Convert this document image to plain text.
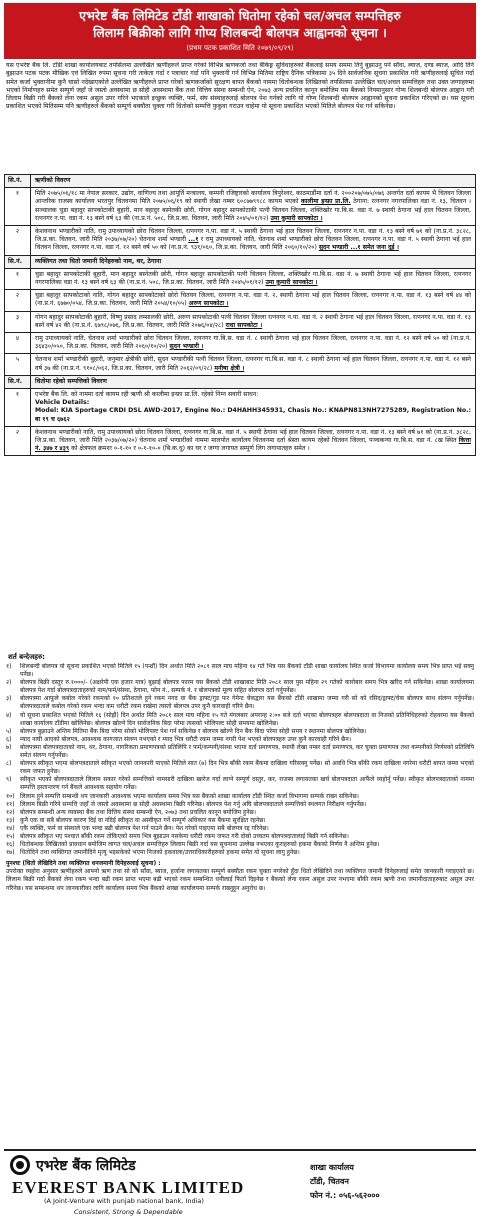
एभरेष्ट बैंक लिमिटेड टाँडी शाखाको धितोमा रहेको चल/अचल सम्पत्तिहरु
लिलाम बिक्रीको लागि गोप्य शिलबन्दी बोलपत्र आह्वानको सूचना ।
(प्रथम पटक प्रकाशित मिति २०७९/०९/२९)
यस एभरेष्ट बैंक लि. टाँडी शाखा कार्यालयबाट तपसिलमा उल्लेखित ऋणीहरुले प्राप्त गरेको विभिन्न ऋणकर्जा तथा बैंकिङ्ग सुविधाहरुको बैंकलाई समय सममा तिर्नु बुझाउनु पर्ने साँवा, ब्याज, दण्ड ब्याज, आदि तिर्न बुझाउन पटक पटक मौखिक एवं लिखित रुपमा सूचना गरी ताकेता गर्दा र पत्राचार गर्दा पनि भुक्तानी गर्न विभिन्न मितिमा राष्ट्रिय दैनिक पत्रिकामा ३५ दिने सार्वजनिक सूचना प्रकाशित गरी ऋणीहरुलाई सूचित गर्दा समेत कर्जा भुक्तानीमा कुनै चासो नदेखाएकोले उल्लेखित ऋणीहरुले प्राप्त गरेको ऋणकर्जाको सुरक्षण बापत बैंकको नाममा धितोबन्धक लिखितको तपसिलमा उल्लेखित चल/अचल सम्पत्तिहरु तथा उक्त जग्गाहरुमा भएको निर्माणहरु समेत सम्पूर्ण जहाँ जे जस्तो अवस्थामा छ सोही अवस्थामा बैंक तथा वित्तिय संस्था सम्बन्धी ऐन, २०७३ अन्य प्रचलित कानून बमोजिम यस बैंकको नियमानुसार गोप्य शिलबन्दी बोलपत्र आह्वान गरी लिलाम बिक्री गरी बैंकको लेना रकम असुल उपर गरिने भएकाले इच्छुक व्यक्ति, फर्म, संघ संस्थाहरुलाई बोलपत्र पेश गर्नको लागि यो गोप्य शिलबन्दी बोलपत्र आह्वानको सूचना प्रकाशित गरिएको छ। यस सूचना प्रकाशित भएको मितिसम्म पनि ऋणीहरुले बैंकको सम्पूर्ण बक्यौता चुक्ता गरी धितोको सम्पत्ति फुकुवा गराउन चाहेमा यो सूचना प्रकाशित भएको मितिले बोलपत्र पेश गर्न सकिनेछ।
सि.नं.	ऋणीको विवरण
१	मिति २०७५/०६/१८ मा नेपाल सरकार, उद्योग, वाणिज्य तथा आपूर्ति मन्त्रालय, कम्पनी रजिष्ट्रारको कार्यालय त्रिपुरेश्वर, काठमाडौंमा दर्ता नं. २००२०७/०७५/०७६ अन्तर्गत दर्ता कायम भै चितवन जिल्ला आन्तरिक राजस्व कार्यालय भरतपुर चितवनमा मिति २०७५/०६/१९ को स्थायी लेखा नम्बर ६०८७७९९८८ कायम भएको कालीमा इन्फ्रा प्रा.लि. ठेगाना: रत्ननगर नगरपालिका वडा नं. १३, चितवन । सञ्चालक चुडा बहादुर सापकोटाकी बुहारी, मान बहादुर बस्नेतकी छोरी, गोगन बहादुर सापकोटाकी पत्नी चितवन जिल्ला, शक्तिखोर गा.बि.स. वडा नं. ७ स्थायी ठेगाना भई हाल चितवन जिल्ला, रत्ननगर न.पा. वडा नं. १३ बस्ने वर्ष ६३ की (ना.प्र.नं. ५०८, जि.प्र.का. चितवन, जारी मिति २०४५/०१/१२) उमा कुमारी सापकोटा ।
२	केशवनाथ भण्डारीको नाति, रामु उपाध्यायको छोरा चितवन जिल्ला, रत्ननगर न.पा. वडा नं. ५ स्थायी ठेगाना भई हाल चितवन जिल्ला, रत्ननगर न.पा. वडा नं. १३ बस्ने वर्ष ७१ को (ना.प्र.नं. ३८२८, जि.प्र.का. चितवन, जारी मिति २०३७/०७/२०) चेतनाथ शर्मा भण्डारी ...१ र रामु उपाध्यायको नाति, चेतनाथ शर्मा भण्डारीको छोरा चितवन जिल्ला, रत्ननगर न.पा. वडा नं. ५ स्थायी ठेगाना भई हाल चितवन जिल्ला, रत्ननगर न.पा. वडा नं. १२ बस्ने वर्ष ५० को (ना.प्र.नं. ९३१/०६०, जि.प्र.का. चितवन, जारी मिति २०६०/१०/२०) सुदन भण्डारी ...१ समेत जना दुई ।
सि.नं.	व्यक्तिगत तथा धितो जमानी दिनेहरुको नाम, थर, ठेगाना
१	चुडा बहादुर सापकोटाकी बुहारी, मान बहादुर बस्नेतकी छोरी, गोगन बहादुर सापकोटाकी पत्नी चितवन जिल्ला, शक्तिखोर गा.बि.स. वडा नं. ७ स्थायी ठेगाना भई हाल चितवन जिल्ला, रत्ननगर नगरपालिका वडा नं. १३ बस्ने वर्ष ६३ की (ना.प्र.नं. ५०८, जि.प्र.का. चितवन, जारी मिति २०४५/०१/१२) उमा कुमारी सापकोटा ।
२	चुडा बहादुर सापकोटाको नाति, गोगन बहादुर सापकोटाको छोरो चितवन जिल्ला, रत्ननगर न.पा. वडा नं. २, स्थायी ठेगाना भई हाल चितवन जिल्ला, रत्ननगर न.पा. वडा नं. १३ बस्ने वर्ष ४४ को (ना.प्र.नं. ६७७०/०५४, जि.प्र.का. चितवन, जारी मिति २०५४/१०/०५) अरुण सापकोटा ।
३	गोगन बहादुर सापकोटाकी बुहारी, विष्णु प्रसाद लम्सालकी छोरी, अरुण सापकोटाकी पत्नी चितवन जिल्ला रत्ननगर न.पा. वडा नं. २ स्थायी ठेगाना भई हाल चितवन जिल्ला, रत्ननगर न.पा. वडा नं. १३ बस्ने वर्ष ४२ की (ना.प्र.नं. ६७९८/०७६, जि.प्र.का. चितवन, जारी मिति २०७६/०४/२८) राधा सापकोटा ।
४	रामु उपाध्यायको नाति, चेतनाथ शर्मा भण्डारीको छोरा चितवन जिल्ला, रत्ननगर गा.बि.स. वडा नं. ८ स्थायी ठेगाना भई हाल चितवन जिल्ला, रत्ननगर न.पा. वडा नं. १२ बस्ने वर्ष ५० को (ना.प्र.नं. ३६४३०/०५०, जि.प्र.का. चितवन, जारी मिति २०६०/१०/२०) सुदन भण्डारी ।
५	चेतनाथ शर्मा भण्डारीकी बुहारी, जनुमार क्षेत्रीकी छोरी, सुदन भण्डारीकी पत्नी चितवन जिल्ला, रत्ननगर गा.बि.स. वडा नं. ८ स्थायी ठेगाना भई हाल चितवन जिल्ला, रत्ननगर न.पा. वडा नं. १२ बस्ने वर्ष ३७ की (ना.प्र.नं. ९१०८/०६२, जि.प्र.का. चितवन, जारी मिति २०६२/०९/२८) मनीषा क्षेत्री ।
सि.नं.	धितोमा रहेको सम्पत्तिको विवरण
१	एभरेष्ट बैंक लि. को नाममा दर्ता कायम रही ऋणी श्री कालीमा इन्फ्रा प्रा.लि. रहेको निम्न सवारी साधन:
Vehicle Details:
Model: KIA Sportage CRDI DSL AWD-2017, Engine No.: D4HAHH345931, Chasis No.: KNAPN813NH7275289, Registration No.: बा १९ च ६७६२
२	केशवनाथ भण्डारीको नाति, रामु उपाध्यायको छोरा चितवन जिल्ला, रत्ननगर गा.बि.स. वडा नं. ५ स्थायी ठेगाना भई हाल चितवन जिल्ला, रत्ननगर न.पा. वडा नं. १३ बस्ने वर्ष ७१ को (ना.प्र.नं. ३८२८, जि.प्र.का. चितवन, जारी मिति २०३७/०७/२०) चेतनाथ शर्मा भण्डारीको नाममा मालपोत कार्यालय चितवनमा दर्ता श्रेस्ता कायम रहेको चितवन जिल्ला, पञ्चकन्या गा.बि.स. वडा नं. ८ख स्थित कित्ता नं. ३४७ र ४३९ को क्षेत्रफल क्रमशः ०-१-१० र ०-१-१०-० (बि.क.धु) का घर र जग्गा लगायत सम्पूर्ण लिग लगापातहरु समेत ।
शर्त बन्देजहरु:
१)	शिलबन्दी बोलपत्र यो सूचना प्रकाशित भएको मितिले १५ (पन्ध्रौं) दिन अर्थात मिति २०८१ साल माघ महिना १४ गते भित्र यस बैंकको टाँडी शाखा कार्यालय स्थित कर्जा विभागमा कार्यालय समय भित्र प्राप्त भई सक्नु पर्नेछ।
२)	बोलपत्र बिक्री दस्तुर रु.१०००/- (अक्षरेपी एक हजार मात्र) बुझाई बोलपत्र फारम यस बैंकको टाँडी शाखाबाट मिति २०८१ साल पुस महिना २९ गतेको कारोबार समय भित्र खरिद गर्न सकिनेछ। शाखा कार्यालयमा बोलपत्र पेश गर्दा बोलपत्रदाताहरुको नाम/फर्म/संस्था, ठेगाना, फोन नं., सम्पर्क नं. र बोलपत्रको मूल्य सहित बोलपत्र दर्ता गर्नुपर्नेछ।
३)	बोलपत्रमा आफूले कबोल गरेको रकमको १० प्रतिशतले हुने रकम नगद वा बैंक ड्राफ्ट/गुड फर गेमेन्ट चेकद्वारा यस बैंकको टाँडी शाखामा जम्मा गरी सो को रसिद/ड्राफ्ट/चेक बोलपत्र साथ संलग्न गर्नुपर्नेछ। बोलपत्रदाताले कबोल गरेको रकम भन्दा कम धरौटी रकम राखेमा त्यस्तो बोलपत्र उपर कुनै कारवाही गरिने छैन।
४)	यो सूचना प्रकाशित भएको मितिले १६ (सोह्रौं) दिन अर्थात मिति २०८१ साल माघ महिना १५ गते मंगलबार अपरान्ह २:०० बजे दर्ता भएका बोलपत्रहरु बोलपत्रदाता वा निजको प्रतिनिधिहरुको रोहवरमा यस बैंकको शाखा कार्यालय टाँडीमा खोलिनेछ। बोलपत्र खोल्ने दिन सार्वजनिक बिदा परेमा त्यसको भोलिपल्ट सोही समयमा खोलिनेछ।
५)	बोलपत्र बुझाउने अन्तिम मितिमा बैंक बिदा परेमा सोको भोलिपल्ट पेश गर्न सकिनेछ र बोलपत्र खोल्ने दिन बैंक बिदा परेमा सोही समय र स्थानमा बोलपत्र खोलिनेछ।
६)	म्याद नाघी आएको बोलपत्र, आवश्यक कागजात संलग्न नभएको र म्याद भित्र धरौटी रकम जम्मा नगरी पेश भएको बोलपत्रहरु उपर कुनै कारवाही गरिने छैन।
७)	बोलपत्रमा बोलपत्रदाताको नाम, थर, ठेगाना, नागरिकता प्रमाणपत्रको प्रतिलिपि र फर्म/कम्पनी/संस्था भएमा दर्ता प्रमाणपत्र, स्थायी लेखा नम्बर दर्ता प्रमाणपत्र, कर चुक्ता प्रमाणपत्र तथा कम्पनीको निर्णयको प्रतिलिपि समेत संलग्न गर्नुपर्नेछ।
८)	बोलपत्र स्वीकृत भएमा बोलपत्रदाताले स्वीकृत भएको जानकारी पाएको मितिले सात (७) दिन भित्र बाँकी रकम बैंकमा दाखिला गरिसक्नु पर्नेछ। सो अवधि भित्र बाँकी रकम दाखिला नगरेमा धरौटी बापत जम्मा भएको रकम जफत हुनेछ।
९)	स्वीकृत भएको बोलपत्रदाताले लिलाम सकार गरेको सम्पत्तिको नामसारी दाखिला खारेज गर्दा लाग्ने सम्पूर्ण दस्तुर, कर, राजस्व लगायतका खर्च बोलपत्रदाता आफैंले व्यहोर्नु पर्नेछ। स्वीकृत बोलपत्रदाताको नाममा सम्पत्ति हस्तान्तरण गर्न बैंकले आवश्यक सहयोग गर्नेछ।
१०) लिलाम हुने सम्पत्ति सम्बन्धी थप जानकारी आवश्यक भएमा कार्यालय समय भित्र यस बैंकको शाखा कार्यालय टाँडी स्थित कर्जा विभागमा सम्पर्क राख्न सकिनेछ।
११) लिलाम बिक्री गरिने सम्पत्ति जहाँ जे जस्तो अवस्थामा छ सोही अवस्थामा बिक्री गरिनेछ। बोलपत्र पेश गर्नु अघि बोलपत्रदाताले सम्पत्तिको स्थलगत निरीक्षण गर्नुपर्नेछ।
१२) बोलपत्र सम्बन्धी अन्य व्यवस्था बैंक तथा वित्तिय संस्था सम्बन्धी ऐन, २०७३ तथा प्रचलित कानून बमोजिम हुनेछ।
१३) कुनै एक वा सबै बोलपत्र कारण दिई वा नदिई स्वीकृत वा अस्वीकृत गर्ने सम्पूर्ण अधिकार यस बैंकमा सुरक्षित रहनेछ।
१४) एकै व्यक्ति, फर्म वा संस्थाले एक भन्दा बढी बोलपत्र पेश गर्न पाउने छैन। पेश गरेको पाइएमा सबै बोलपत्र रद्द गरिनेछ।
१५) बोलपत्र स्वीकृत भए पश्चात बाँकी रकम तोकिएको समय भित्र बुझाउन नसकेमा धरौटी रकम जफत गरी दोस्रो उच्चतम बोलपत्रदातालाई बिक्री गर्न सकिनेछ।
१६) धितोबन्धक लिखितको प्रावधान बमोजिम लागत चल/अचल सम्पत्तिहरु लिलाम बिक्री गर्दा यस सूचनामा उल्लेख नभएका कुराहरुको हकमा बैंकको निर्णय नै अन्तिम हुनेछ।
१७) धितोदिने तथा व्यक्तिगत जमानीदिने मृत्यु भइसकेको भएमा निजको हकवाला/उत्तराधिकारीहरुको हकमा समेत यो सूचना लागु हुनेछ।
पुनश्चः (धितो लेखिदिने तथा व्यक्तिगत धनजमानी दिनेहरुलाई सूचना) :
उपरोक्त व्यहोरा अनुसार ऋणीहरुले आफ्नो ऋण तथा सो को साँवा, ब्याज, हर्जाना लगायतका सम्पूर्ण बक्यौता रकम चुक्ता नगरेको हुँदा धितो लेखिदिने तथा व्यक्तिगत जमानी दिनेहरुलाई समेत जानकारी गराइएको छ। लिलाम बिक्री गर्दा बैंकको लेना रकम भन्दा बढी रकम प्राप्त भएमा बढी भएको रकम सम्बन्धित धनीलाई फिर्ता दिइनेछ र बैंकको लेना रकम असुल उपर नभएमा बाँकी रकम ऋणी तथा जमानीदाताहरुबाट असुल उपर गरिनेछ। यस सम्बन्धमा थप जानकारीका लागि कार्यालय समय भित्र बैंकको शाखा कार्यालयमा सम्पर्क राख्नुहुन अनुरोध छ।
एभरेष्ट बैंक लिमिटेड
EVEREST BANK LIMITED
(A Joint-Venture with punjab national bank, India)
Consistent, Strong & Dependable
शाखा कार्यालय
टाँडी, चितवन
फोन नं.: ०५६-५६२०००
